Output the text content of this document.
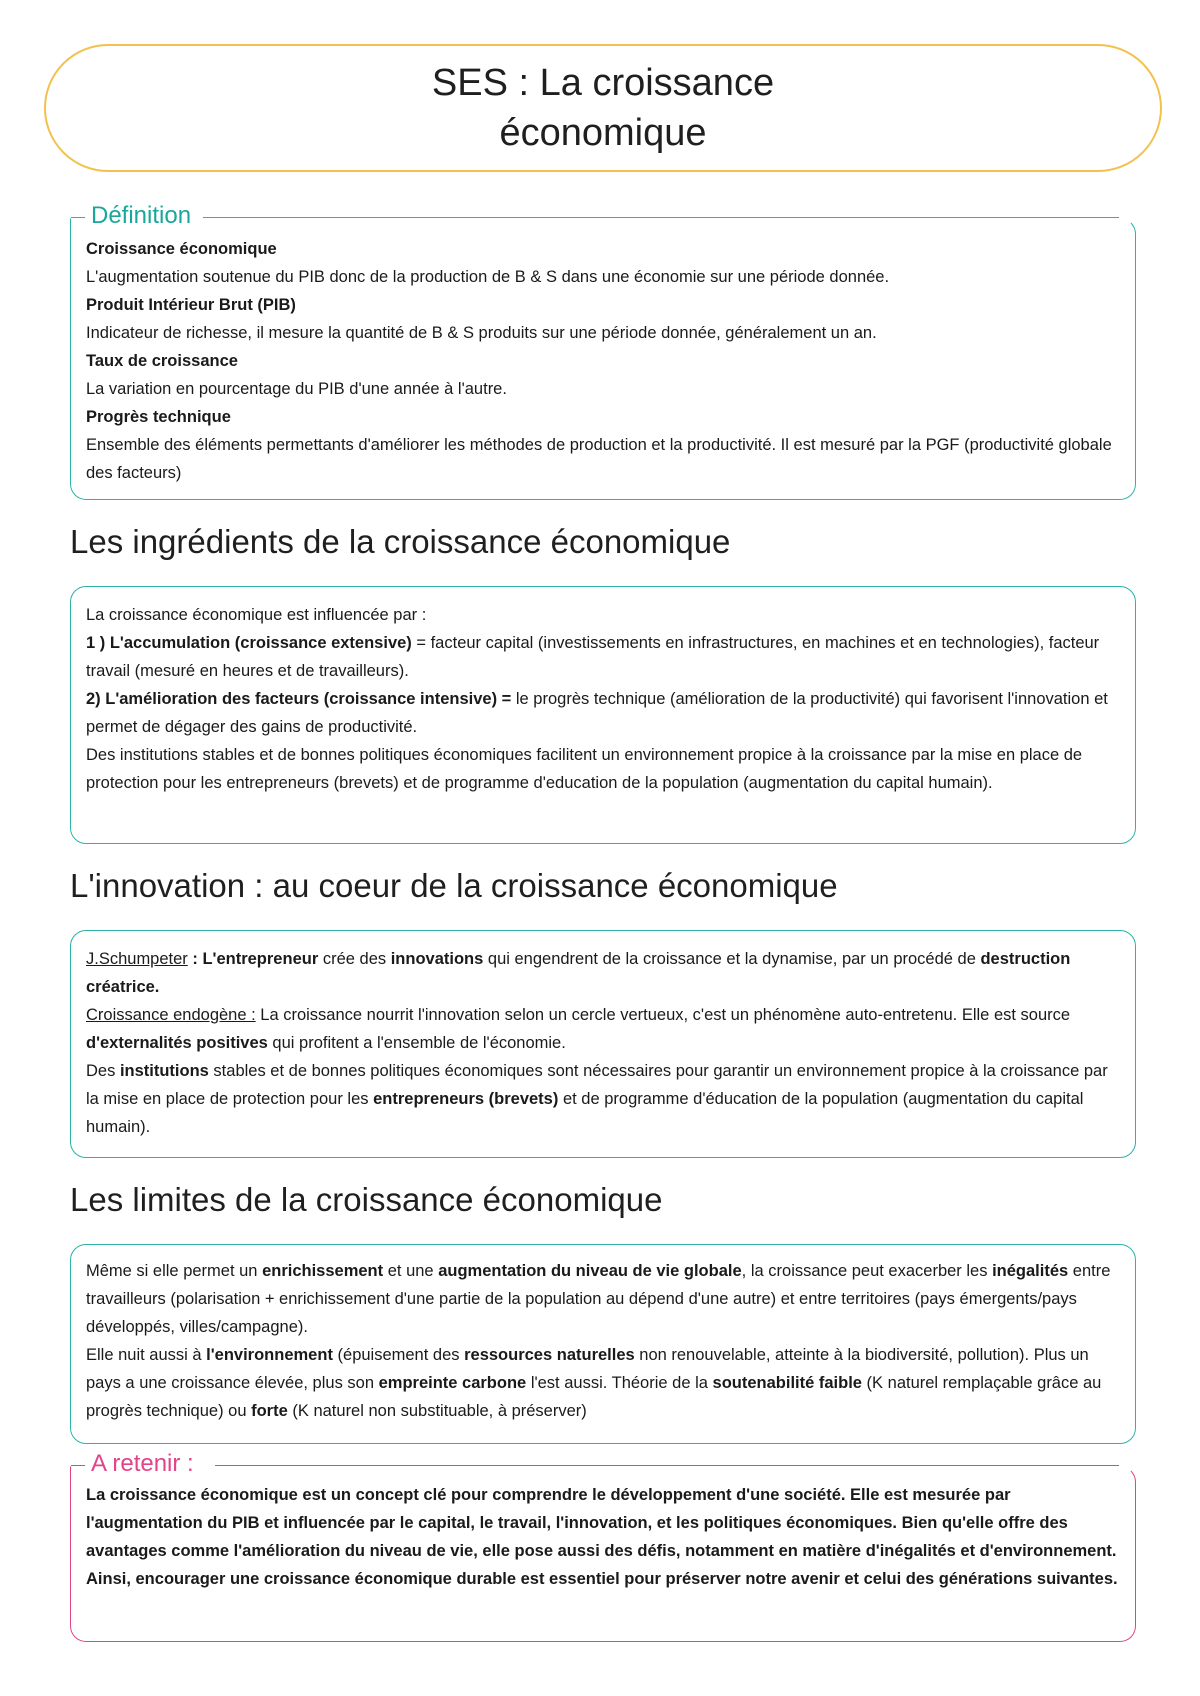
SES : La croissance
économique
Définition
Croissance économique
L'augmentation soutenue du PIB donc de la production de B & S dans une économie sur une période donnée.
Produit Intérieur Brut (PIB)
Indicateur de richesse, il mesure la quantité de B & S produits sur une période donnée, généralement un an.
Taux de croissance
La variation en pourcentage du PIB d'une année à l'autre.
Progrès technique
Ensemble des éléments permettants d'améliorer les méthodes de production et la productivité. Il est mesuré par la PGF (productivité globale des facteurs)
Les ingrédients de la croissance économique
La croissance économique est influencée par :
1 ) L'accumulation (croissance extensive) = facteur capital (investissements en infrastructures, en machines et en technologies), facteur travail (mesuré en heures et de travailleurs).
2) L'amélioration des facteurs (croissance intensive) = le progrès technique (amélioration de la productivité) qui favorisent l'innovation et permet de dégager des gains de productivité.
Des institutions stables et de bonnes politiques économiques facilitent un environnement propice à la croissance par la mise en place de protection pour les entrepreneurs (brevets) et de programme d'education de la population (augmentation du capital humain).
L'innovation : au coeur de la croissance économique
J.Schumpeter : L'entrepreneur crée des innovations qui engendrent de la croissance et la dynamise, par un procédé de destruction créatrice.
Croissance endogène : La croissance nourrit l'innovation selon un cercle vertueux, c'est un phénomène auto-entretenu. Elle est source d'externalités positives qui profitent a l'ensemble de l'économie.
Des institutions stables et de bonnes politiques économiques sont nécessaires pour garantir un environnement propice à la croissance par la mise en place de protection pour les entrepreneurs (brevets) et de programme d'éducation de la population (augmentation du capital humain).
Les limites de la croissance économique
Même si elle permet un enrichissement et une augmentation du niveau de vie globale, la croissance peut exacerber les inégalités entre travailleurs (polarisation + enrichissement d'une partie de la population au dépend d'une autre) et entre territoires (pays émergents/pays développés, villes/campagne).
Elle nuit aussi à l'environnement (épuisement des ressources naturelles non renouvelable, atteinte à la biodiversité, pollution). Plus un pays a une croissance élevée, plus son empreinte carbone l'est aussi. Théorie de la soutenabilité faible (K naturel remplaçable grâce au progrès technique) ou forte (K naturel non substituable, à préserver)
A retenir :
La croissance économique est un concept clé pour comprendre le développement d'une société. Elle est mesurée par l'augmentation du PIB et influencée par le capital, le travail, l'innovation, et les politiques économiques. Bien qu'elle offre des avantages comme l'amélioration du niveau de vie, elle pose aussi des défis, notamment en matière d'inégalités et d'environnement. Ainsi, encourager une croissance économique durable est essentiel pour préserver notre avenir et celui des générations suivantes.
